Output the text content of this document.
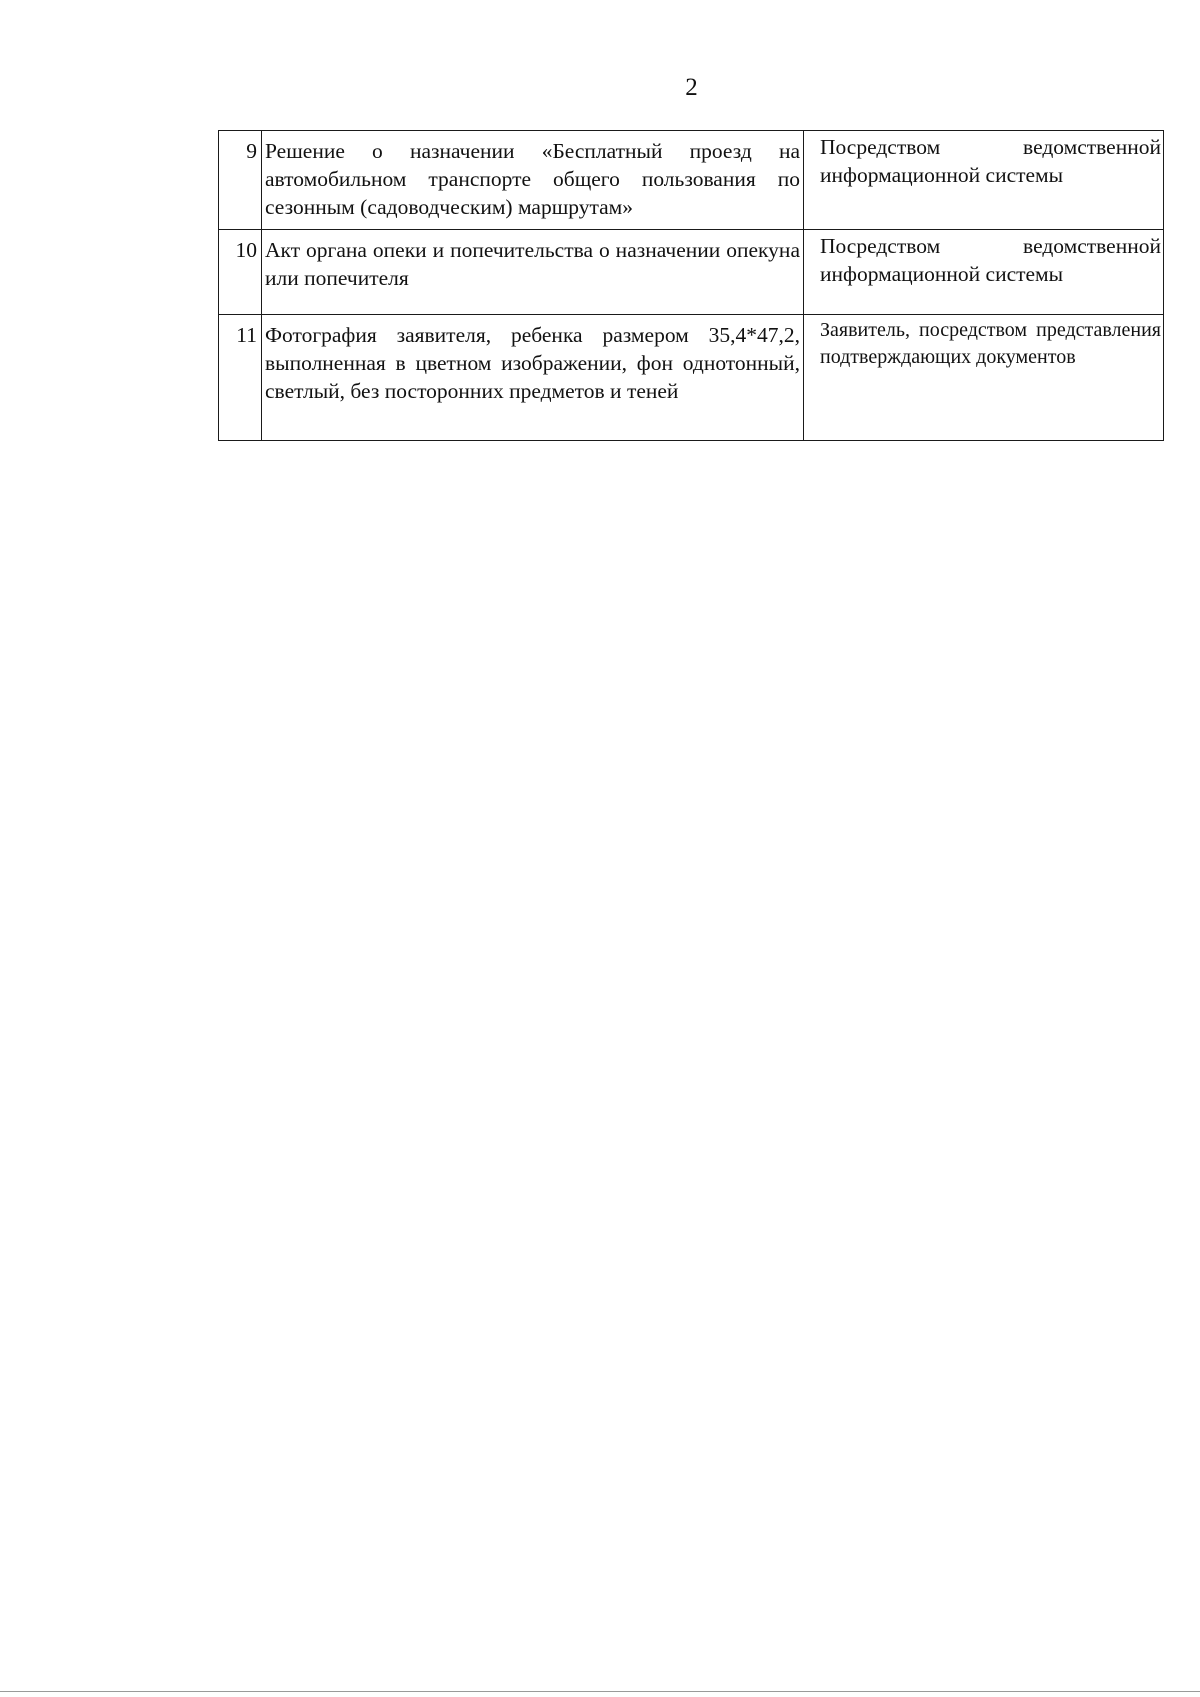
2
9	Решение о назначении «Бесплатный проезд на автомобильном транспорте общего пользования по сезонным (садоводческим) маршрутам»	Посредством ведомственной информационной системы
10	Акт органа опеки и попечительства о назначении опекуна или попечителя	Посредством ведомственной информационной системы
11	Фотография заявителя, ребенка размером 35,4*47,2, выполненная в цветном изображении, фон однотонный, светлый, без посторонних предметов и теней	Заявитель, посредством представления подтверждающих документов
